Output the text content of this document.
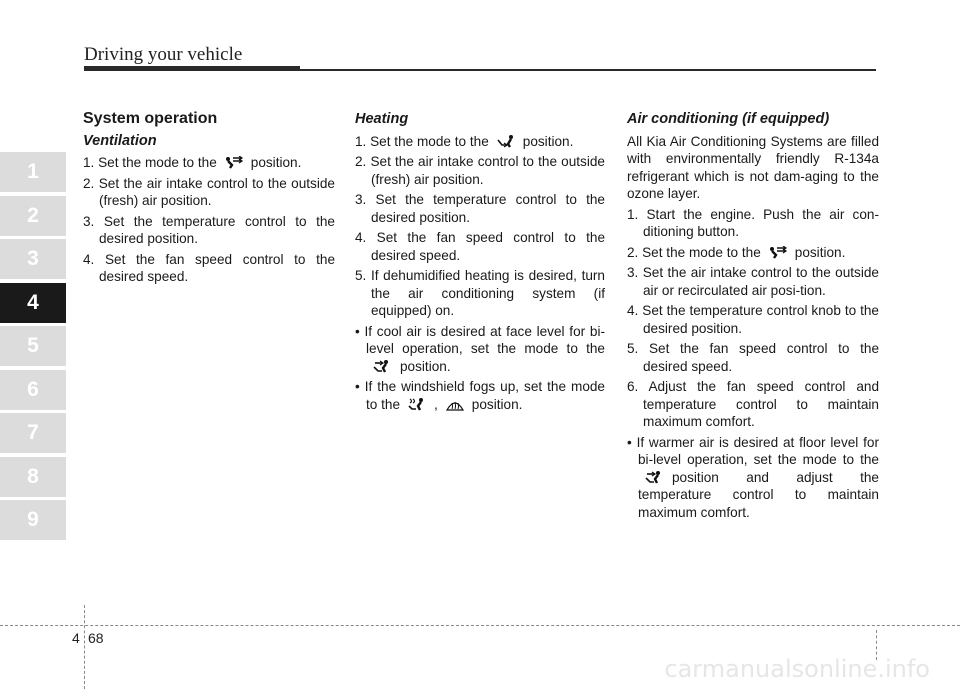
Driving your vehicle
1
2
3
4
5
6
7
8
9
System operation
Ventilation
1. Set the mode to the	position.
2. Set the air intake control to the outside (fresh) air position.
3. Set the temperature control to the desired position.
4. Set the fan speed control to the desired speed.
Heating
1. Set the mode to the	position.
2. Set the air intake control to the outside (fresh) air position.
3. Set the temperature control to the desired position.
4. Set the fan speed control to the desired speed.
5. If dehumidified heating is desired, turn the air conditioning system (if equipped) on.
• If cool air is desired at face level for bi-level operation, set the mode to the
position.
• If the windshield fogs up, set the mode to the	,	position.
Air conditioning (if equipped)

All Kia Air Conditioning Systems are filled with environmentally friendly R-134a refrigerant which is not dam-aging to the ozone layer.

1. Start the engine. Push the air con-ditioning button.
2. Set the mode to the	position.
3. Set the air intake control to the outside air or recirculated air posi-tion.
4. Set the temperature control knob to the desired position.
5. Set the fan speed control to the desired speed.
6. Adjust the fan speed control and temperature control to maintain maximum comfort.
• If warmer air is desired at floor level for bi-level operation, set the mode to the
position and adjust the temperature control to maintain maximum comfort.
4 68
carmanualsonline.info
